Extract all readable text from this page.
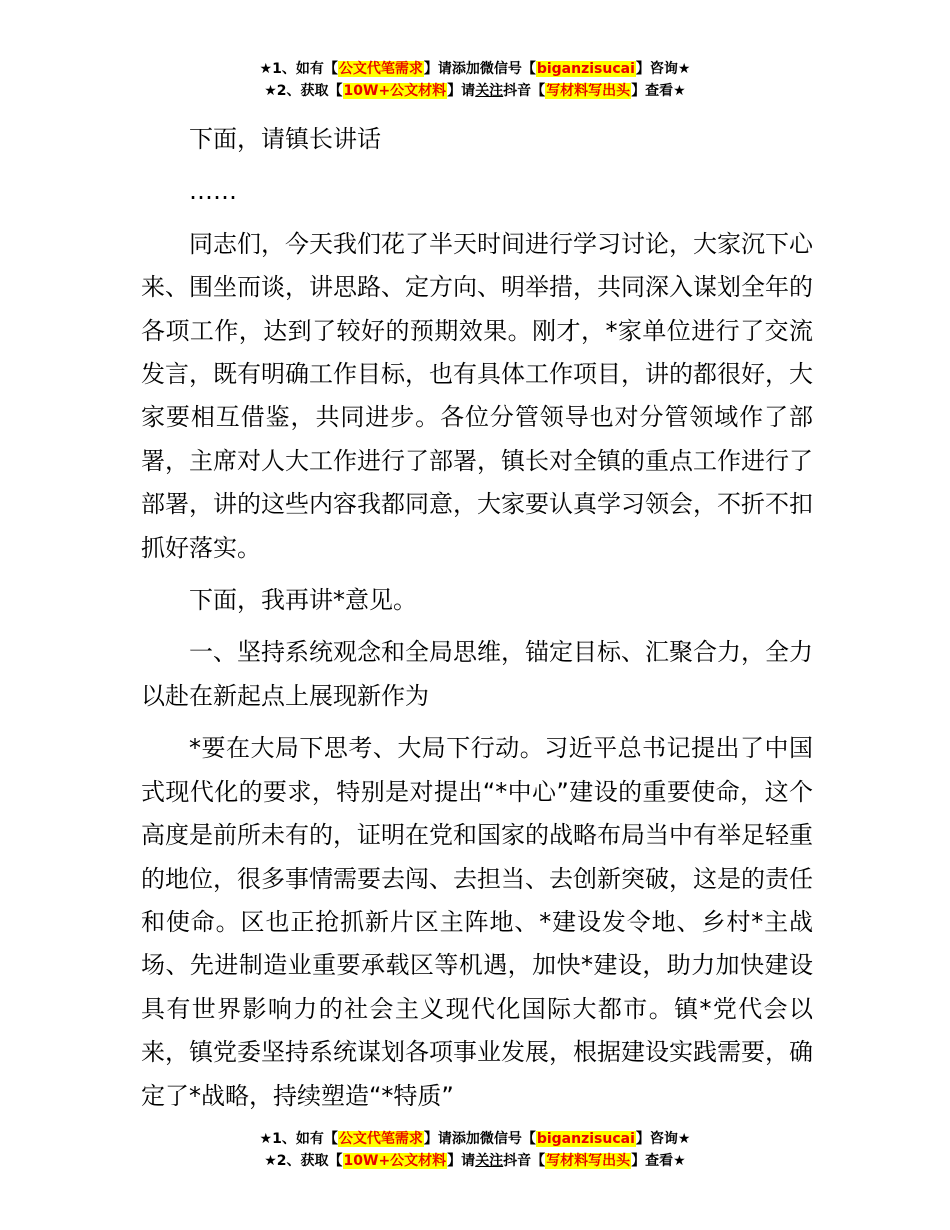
★1、如有【公文代笔需求】请添加微信号【biganzisucai】咨询★
★2、获取【10W+公文材料】请关注抖音【写材料写出头】查看★

下面，请镇长讲话

……

同志们，今天我们花了半天时间进行学习讨论，大家沉下心来、围坐而谈，讲思路、定方向、明举措，共同深入谋划全年的各项工作，达到了较好的预期效果。刚才，*家单位进行了交流发言，既有明确工作目标，也有具体工作项目，讲的都很好，大家要相互借鉴，共同进步。各位分管领导也对分管领域作了部署，主席对人大工作进行了部署，镇长对全镇的重点工作进行了部署，讲的这些内容我都同意，大家要认真学习领会，不折不扣抓好落实。

下面，我再讲*意见。

一、坚持系统观念和全局思维，锚定目标、汇聚合力，全力以赴在新起点上展现新作为

*要在大局下思考、大局下行动。习近平总书记提出了中国式现代化的要求，特别是对提出“*中心”建设的重要使命，这个高度是前所未有的，证明在党和国家的战略布局当中有举足轻重的地位，很多事情需要去闯、去担当、去创新突破，这是的责任和使命。区也正抢抓新片区主阵地、*建设发令地、乡村*主战场、先进制造业重要承载区等机遇，加快*建设，助力加快建设具有世界影响力的社会主义现代化国际大都市。镇*党代会以来，镇党委坚持系统谋划各项事业发展，根据建设实践需要，确定了*战略，持续塑造“*特质”

★1、如有【公文代笔需求】请添加微信号【biganzisucai】咨询★
★2、获取【10W+公文材料】请关注抖音【写材料写出头】查看★
